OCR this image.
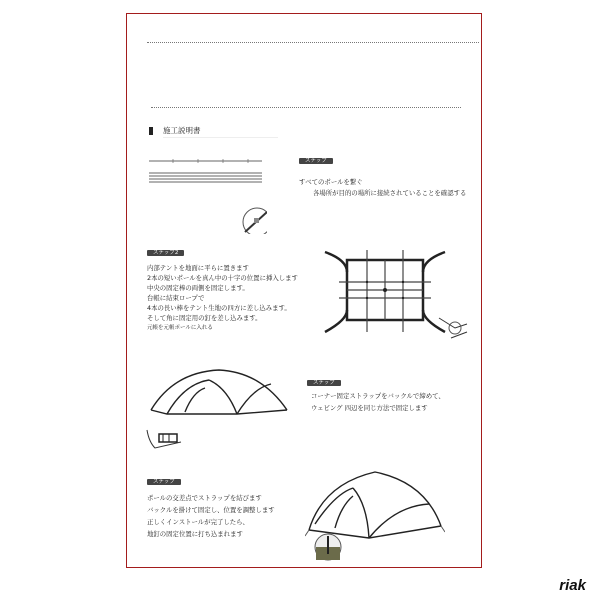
施工説明書
ステップ
すべてのポールを繋ぐ
各場所が目的の場所に接続されていることを確認する
ステップ2
内部テントを地面に平らに置きます
2本の短いポールを真ん中の十字の位置に挿入します
中央の固定棒の両側を固定します。
台帳に結束ロープで
4本の長い棒をテント生地の四方に差し込みます。
そして角に固定用の釘を差し込みます。
元帳を元帳ポールに入れる
ステップ
コーナー固定ストラップをバックルで締めて、
ウェビング 四辺を同じ方法で固定します
ステップ
ポールの交差点でストラップを結びます
バックルを掛けて固定し、位置を調整します
正しくインストールが完了したら、
地釘の固定位置に打ち込まれます
riak
